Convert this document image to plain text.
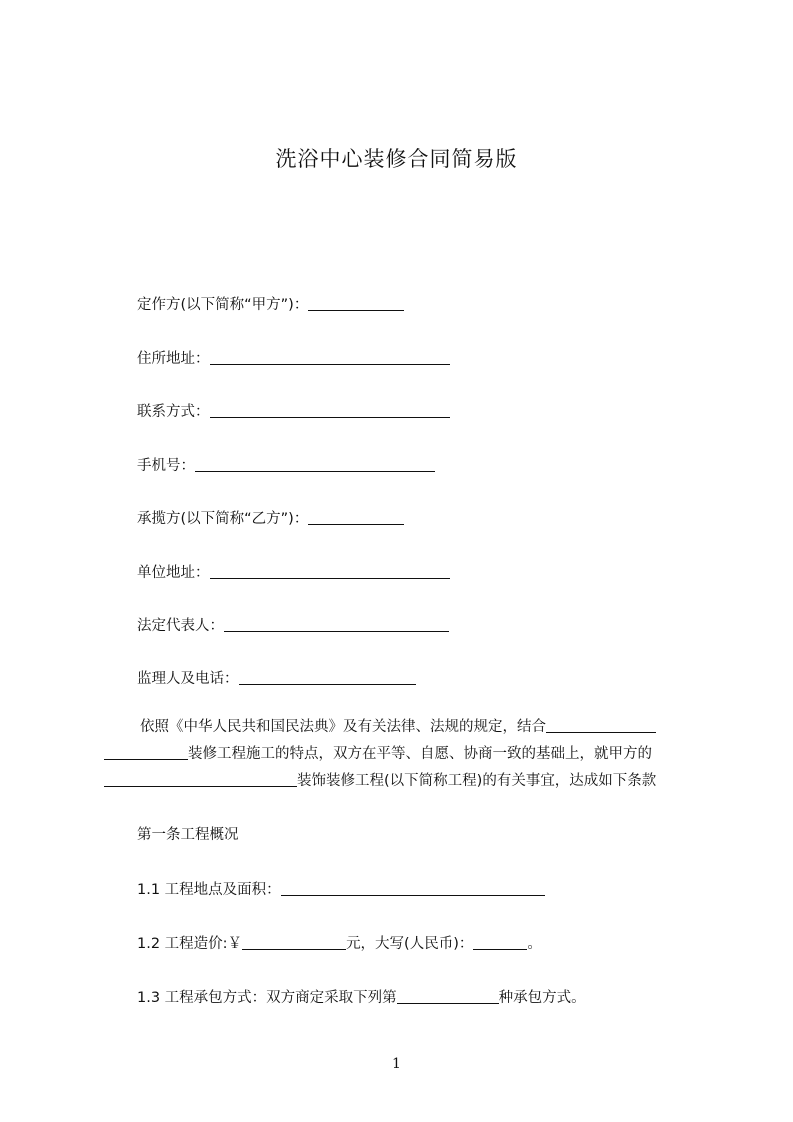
洗浴中心装修合同简易版
定作方(以下简称“甲方”)：
住所地址：
联系方式：
手机号：
承揽方(以下简称“乙方”)：
单位地址：
法定代表人：
监理人及电话：
依照《中华人民共和国民法典》及有关法律、法规的规定，结合
装修工程施工的特点，双方在平等、自愿、协商一致的基础上，就甲方的
装饰装修工程(以下简称工程)的有关事宜，达成如下条款
第一条工程概况
1.1 工程地点及面积：
1.2 工程造价:￥	元，大写(人民币)：	。
1.3 工程承包方式：双方商定采取下列第	种承包方式。
1
